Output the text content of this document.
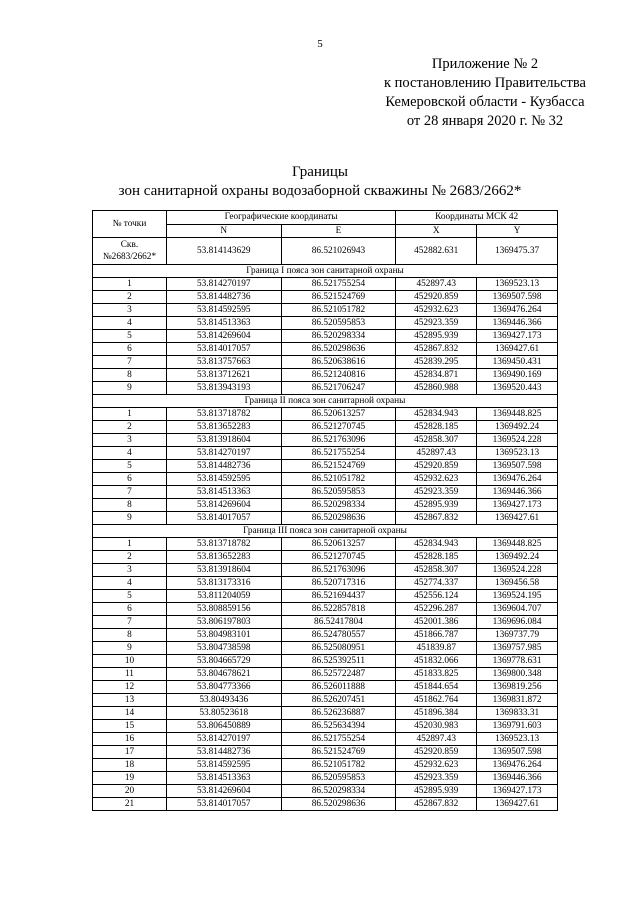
5
Приложение № 2
к постановлению Правительства
Кемеровской области - Кузбасса
от 28 января 2020 г. № 32
Границы
зон санитарной охраны водозаборной скважины № 2683/2662*
№ точки	Географические координаты		Координаты МСК 42	
	N	E	X	Y

Скв.
№2683/2662*	53.814143629	86.521026943	452882.631	1369475.37
Граница I пояса зон санитарной охраны				
1	53.814270197	86.521755254	452897.43	1369523.13
2	53.814482736	86.521524769	452920.859	1369507.598
3	53.814592595	86.521051782	452932.623	1369476.264
4	53.814513363	86.520595853	452923.359	1369446.366
5	53.814269604	86.520298334	452895.939	1369427.173
6	53.814017057	86.520298636	452867.832	1369427.61
7	53.813757663	86.520638616	452839.295	1369450.431
8	53.813712621	86.521240816	452834.871	1369490.169
9	53.813943193	86.521706247	452860.988	1369520.443
Граница II пояса зон санитарной охраны				
1	53.813718782	86.520613257	452834.943	1369448.825
2	53.813652283	86.521270745	452828.185	1369492.24
3	53.813918604	86.521763096	452858.307	1369524.228
4	53.814270197	86.521755254	452897.43	1369523.13
5	53.814482736	86.521524769	452920.859	1369507.598
6	53.814592595	86.521051782	452932.623	1369476.264
7	53.814513363	86.520595853	452923.359	1369446.366
8	53.814269604	86.520298334	452895.939	1369427.173
9	53.814017057	86.520298636	452867.832	1369427.61
Граница III пояса зон санитарной охраны				
1	53.813718782	86.520613257	452834.943	1369448.825
2	53.813652283	86.521270745	452828.185	1369492.24
3	53.813918604	86.521763096	452858.307	1369524.228
4	53.813173316	86.520717316	452774.337	1369456.58
5	53.811204059	86.521694437	452556.124	1369524.195
6	53.808859156	86.522857818	452296.287	1369604.707
7	53.806197803	86.52417804	452001.386	1369696.084
8	53.804983101	86.524780557	451866.787	1369737.79
9	53.804738598	86.525080951	451839.87	1369757.985
10	53.804665729	86.525392511	451832.066	1369778.631
11	53.804678621	86.525722487	451833.825	1369800.348
12	53.804773366	86.526011888	451844.654	1369819.256
13	53.80493436	86.526207451	451862.764	1369831.872
14	53.80523618	86.526236887	451896.384	1369833.31
15	53.806450889	86.525634394	452030.983	1369791.603
16	53.814270197	86.521755254	452897.43	1369523.13
17	53.814482736	86.521524769	452920.859	1369507.598
18	53.814592595	86.521051782	452932.623	1369476.264
19	53.814513363	86.520595853	452923.359	1369446.366
20	53.814269604	86.520298334	452895.939	1369427.173
21	53.814017057	86.520298636	452867.832	1369427.61
